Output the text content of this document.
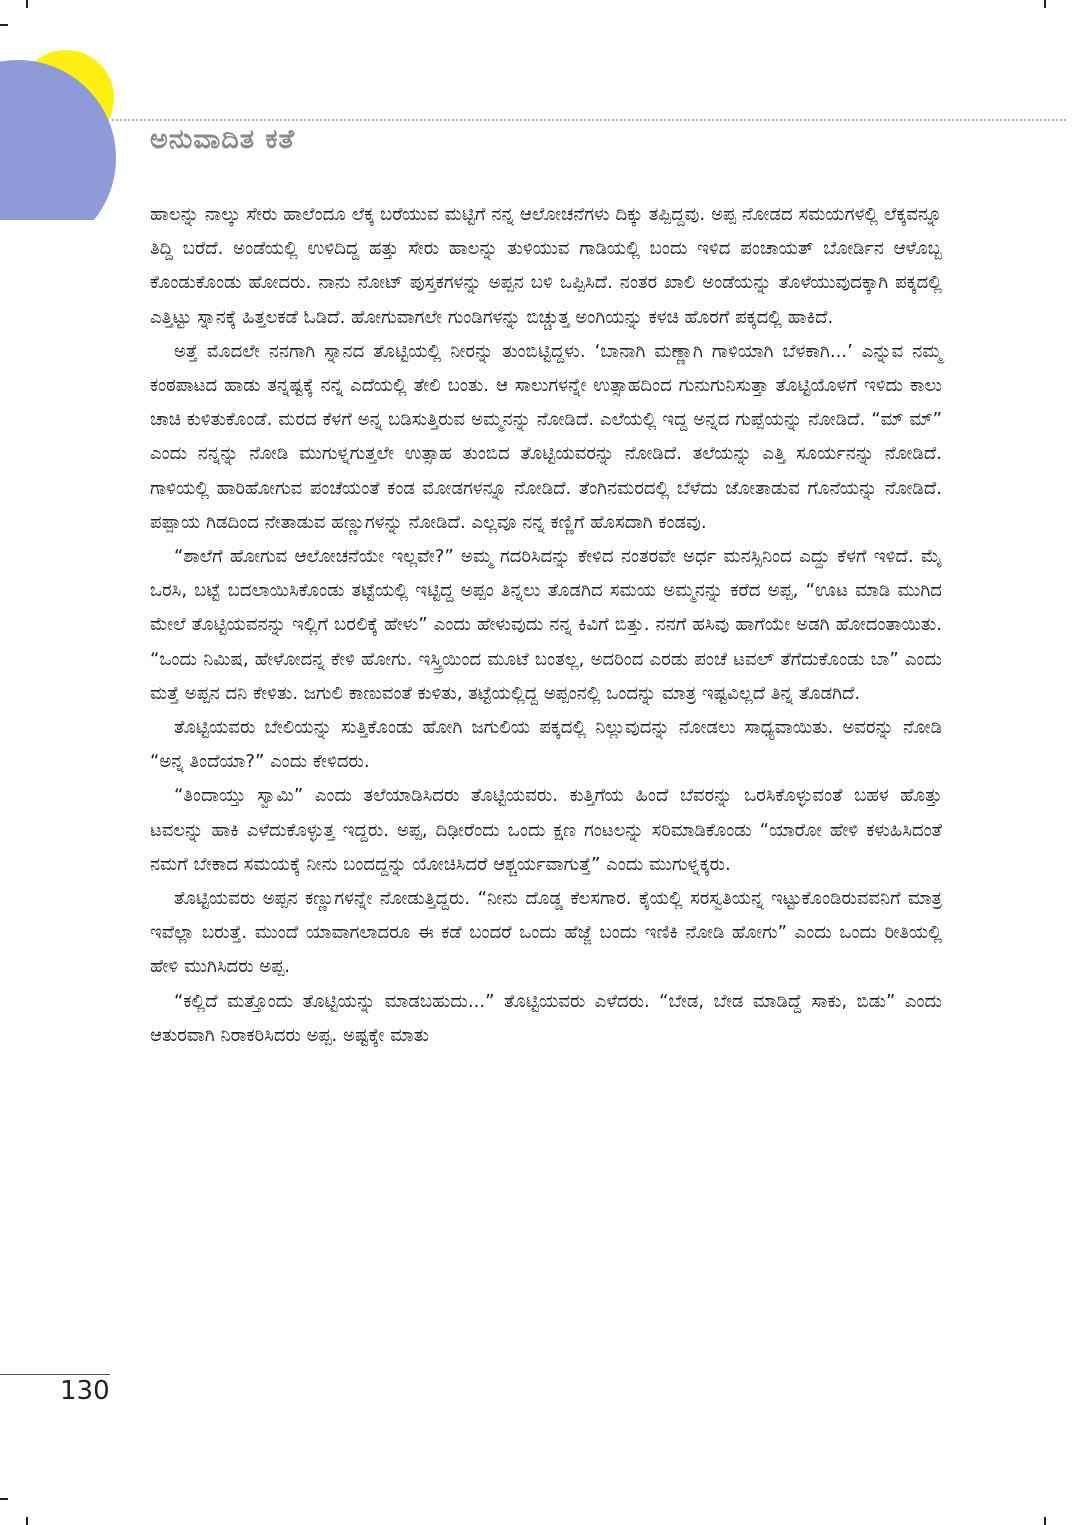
ಅನುವಾದಿತ ಕತೆ

ಹಾಲನ್ನು ನಾಲ್ಕು ಸೇರು ಹಾಲೆಂದೂ ಲೆಕ್ಕ ಬರೆಯುವ ಮಟ್ಟಿಗೆ ನನ್ನ ಆಲೋಚನೆಗಳು ದಿಕ್ಕು ತಪ್ಪಿದ್ದವು. ಅಪ್ಪ ನೋಡದ ಸಮಯಗಳಲ್ಲಿ ಲೆಕ್ಕವನ್ನೂ ತಿದ್ದಿ ಬರೆದೆ. ಅಂಡೆಯಲ್ಲಿ ಉಳಿದಿದ್ದ ಹತ್ತು ಸೇರು ಹಾಲನ್ನು ತುಳಿಯುವ ಗಾಡಿಯಲ್ಲಿ ಬಂದು ಇಳಿದ ಪಂಚಾಯತ್ ಬೋರ್ಡಿನ ಆಳೊಬ್ಬ ಕೊಂಡುಕೊಂಡು ಹೋದರು. ನಾನು ನೋಟ್ ಪುಸ್ತಕಗಳನ್ನು ಅಪ್ಪನ ಬಳಿ ಒಪ್ಪಿಸಿದೆ. ನಂತರ ಖಾಲಿ ಅಂಡೆಯನ್ನು ತೊಳೆಯುವುದಕ್ಕಾಗಿ ಪಕ್ಕದಲ್ಲಿ ಎತ್ತಿಟ್ಟು ಸ್ನಾನಕ್ಕೆ ಹಿತ್ತಲಕಡೆ ಓಡಿದೆ. ಹೋಗುವಾಗಲೇ ಗುಂಡಿಗಳನ್ನು ಬಿಚ್ಚುತ್ತ ಅಂಗಿಯನ್ನು ಕಳಚಿ ಹೊರಗೆ ಪಕ್ಕದಲ್ಲಿ ಹಾಕಿದೆ.

ಅತ್ತೆ ಮೊದಲೇ ನನಗಾಗಿ ಸ್ನಾನದ ತೊಟ್ಟಿಯಲ್ಲಿ ನೀರನ್ನು ತುಂಬಿಟ್ಟಿದ್ದಳು. ‘ಬಾನಾಗಿ ಮಣ್ಣಾಗಿ ಗಾಳಿಯಾಗಿ ಬೆಳಕಾಗಿ...’ ಎನ್ನುವ ನಮ್ಮ ಕಂಠಪಾಟದ ಹಾಡು ತನ್ನಷ್ಟಕ್ಕೆ ನನ್ನ ಎದೆಯಲ್ಲಿ ತೇಲಿ ಬಂತು. ಆ ಸಾಲುಗಳನ್ನೇ ಉತ್ಸಾಹದಿಂದ ಗುನುಗುನಿಸುತ್ತಾ ತೊಟ್ಟಿಯೊಳಗೆ ಇಳಿದು ಕಾಲು ಚಾಚಿ ಕುಳಿತುಕೊಂಡೆ. ಮರದ ಕೆಳಗೆ ಅನ್ನ ಬಡಿಸುತ್ತಿರುವ ಅಮ್ಮನನ್ನು ನೋಡಿದೆ. ಎಲೆಯಲ್ಲಿ ಇದ್ದ ಅನ್ನದ ಗುಪ್ಪೆಯನ್ನು ನೋಡಿದೆ. “ಮ್ ಮ್” ಎಂದು ನನ್ನನ್ನು ನೋಡಿ ಮುಗುಳ್ನಗುತ್ತಲೇ ಉತ್ಸಾಹ ತುಂಬಿದ ತೊಟ್ಟಿಯವರನ್ನು ನೋಡಿದೆ. ತಲೆಯನ್ನು ಎತ್ತಿ ಸೂರ್ಯನನ್ನು ನೋಡಿದೆ. ಗಾಳಿಯಲ್ಲಿ ಹಾರಿಹೋಗುವ ಪಂಚೆಯಂತೆ ಕಂಡ ಮೋಡಗಳನ್ನೂ ನೋಡಿದೆ. ತೆಂಗಿನಮರದಲ್ಲಿ ಬೆಳೆದು ಜೋತಾಡುವ ಗೊನೆಯನ್ನು ನೋಡಿದೆ. ಪಪ್ಪಾಯ ಗಿಡದಿಂದ ನೇತಾಡುವ ಹಣ್ಣುಗಳನ್ನು ನೋಡಿದೆ. ಎಲ್ಲವೂ ನನ್ನ ಕಣ್ಣಿಗೆ ಹೊಸದಾಗಿ ಕಂಡವು.

“ಶಾಲೆಗೆ ಹೋಗುವ ಆಲೋಚನೆಯೇ ಇಲ್ಲವೇ?” ಅಮ್ಮ ಗದರಿಸಿದನ್ನು ಕೇಳಿದ ನಂತರವೇ ಅರ್ಧ ಮನಸ್ಸಿನಿಂದ ಎದ್ದು ಕೆಳಗೆ ಇಳಿದೆ. ಮೈ ಒರಸಿ, ಬಟ್ಟೆ ಬದಲಾಯಿಸಿಕೊಂಡು ತಟ್ಟೆಯಲ್ಲಿ ಇಟ್ಟಿದ್ದ ಅಪ್ಪಂ ತಿನ್ನಲು ತೊಡಗಿದ ಸಮಯ ಅಮ್ಮನನ್ನು ಕರೆದ ಅಪ್ಪ, “ಊಟ ಮಾಡಿ ಮುಗಿದ ಮೇಲೆ ತೊಟ್ಟಿಯವನನ್ನು ಇಲ್ಲಿಗೆ ಬರಲಿಕ್ಕೆ ಹೇಳು” ಎಂದು ಹೇಳುವುದು ನನ್ನ ಕಿವಿಗೆ ಬಿತ್ತು. ನನಗೆ ಹಸಿವು ಹಾಗೆಯೇ ಅಡಗಿ ಹೋದಂತಾಯಿತು. “ಒಂದು ನಿಮಿಷ, ಹೇಳೋದನ್ನ ಕೇಳಿ ಹೋಗು. ಇಸ್ತ್ರಿಯಿಂದ ಮೂಟೆ ಬಂತಲ್ಲ, ಅದರಿಂದ ಎರಡು ಪಂಚೆ ಟವಲ್ ತೆಗೆದುಕೊಂಡು ಬಾ” ಎಂದು ಮತ್ತೆ ಅಪ್ಪನ ದನಿ ಕೇಳಿತು. ಜಗುಲಿ ಕಾಣುವಂತೆ ಕುಳಿತು, ತಟ್ಟೆಯಲ್ಲಿದ್ದ ಅಪ್ಪಂನಲ್ಲಿ ಒಂದನ್ನು ಮಾತ್ರ ಇಷ್ಟವಿಲ್ಲದೆ ತಿನ್ನ ತೊಡಗಿದೆ.

ತೊಟ್ಟಿಯವರು ಬೇಲಿಯನ್ನು ಸುತ್ತಿಕೊಂಡು ಹೋಗಿ ಜಗುಲಿಯ ಪಕ್ಕದಲ್ಲಿ ನಿಲ್ಲುವುದನ್ನು ನೋಡಲು ಸಾಧ್ಯವಾಯಿತು. ಅವರನ್ನು ನೋಡಿ “ಅನ್ನ ತಿಂದೆಯಾ?” ಎಂದು ಕೇಳಿದರು.

“ತಿಂದಾಯ್ತು ಸ್ವಾಮಿ” ಎಂದು ತಲೆಯಾಡಿಸಿದರು ತೊಟ್ಟಿಯವರು. ಕುತ್ತಿಗೆಯ ಹಿಂದೆ ಬೆವರನ್ನು ಒರಸಿಕೊಳ್ಳುವಂತೆ ಬಹಳ ಹೊತ್ತು ಟವಲನ್ನು ಹಾಕಿ ಎಳೆದುಕೊಳ್ಳುತ್ತ ಇದ್ದರು. ಅಪ್ಪ, ದಿಢೀರೆಂದು ಒಂದು ಕ್ಷಣ ಗಂಟಲನ್ನು ಸರಿಮಾಡಿಕೊಂಡು “ಯಾರೋ ಹೇಳಿ ಕಳುಹಿಸಿದಂತೆ ನಮಗೆ ಬೇಕಾದ ಸಮಯಕ್ಕೆ ನೀನು ಬಂದದ್ದನ್ನು ಯೋಚಿಸಿದರೆ ಆಶ್ಚರ್ಯವಾಗುತ್ತೆ” ಎಂದು ಮುಗುಳ್ನಕ್ಕರು.

ತೊಟ್ಟಿಯವರು ಅಪ್ಪನ ಕಣ್ಣುಗಳನ್ನೇ ನೋಡುತ್ತಿದ್ದರು. “ನೀನು ದೊಡ್ಡ ಕೆಲಸಗಾರ. ಕೈಯಲ್ಲಿ ಸರಸ್ವತಿಯನ್ನ ಇಟ್ಟುಕೊಂಡಿರುವವನಿಗೆ ಮಾತ್ರ ಇವೆಲ್ಲಾ ಬರುತ್ತೆ. ಮುಂದೆ ಯಾವಾಗಲಾದರೂ ಈ ಕಡೆ ಬಂದರೆ ಒಂದು ಹೆಜ್ಜೆ ಬಂದು ಇಣಿಕಿ ನೋಡಿ ಹೋಗು” ಎಂದು ಒಂದು ರೀತಿಯಲ್ಲಿ ಹೇಳಿ ಮುಗಿಸಿದರು ಅಪ್ಪ.

“ಕಲ್ಲಿದೆ ಮತ್ತೊಂದು ತೊಟ್ಟಿಯನ್ನು ಮಾಡಬಹುದು...” ತೊಟ್ಟಿಯವರು ಎಳೆದರು. “ಬೇಡ, ಬೇಡ ಮಾಡಿದ್ದೆ ಸಾಕು, ಬಿಡು” ಎಂದು ಆತುರವಾಗಿ ನಿರಾಕರಿಸಿದರು ಅಪ್ಪ. ಅಷ್ಟಕ್ಕೇ ಮಾತು

130
